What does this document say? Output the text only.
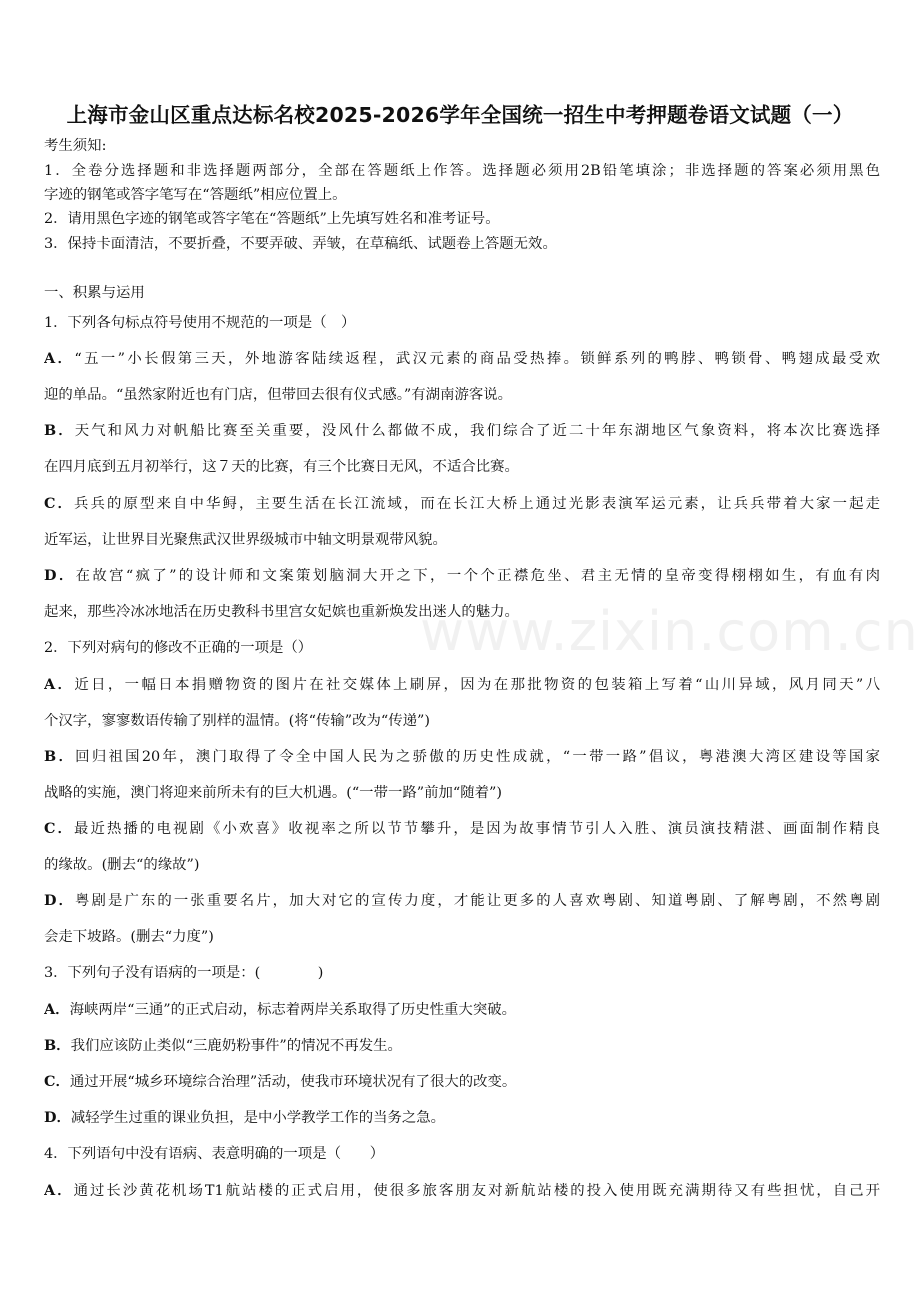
www.zixin.com.cn
上海市金山区重点达标名校2025-2026学年全国统一招生中考押题卷语文试题（一）
考生须知:
1．全卷分选择题和非选择题两部分，全部在答题纸上作答。选择题必须用2B铅笔填涂；非选择题的答案必须用黑色
字迹的钢笔或答字笔写在“答题纸”相应位置上。
2．请用黑色字迹的钢笔或答字笔在“答题纸”上先填写姓名和准考证号。
3．保持卡面清洁，不要折叠，不要弄破、弄皱，在草稿纸、试题卷上答题无效。
一、积累与运用
1．下列各句标点符号使用不规范的一项是（　）
A．“五一”小长假第三天，外地游客陆续返程，武汉元素的商品受热捧。锁鲜系列的鸭脖、鸭锁骨、鸭翅成最受欢
迎的单品。“虽然家附近也有门店，但带回去很有仪式感。”有湖南游客说。
B．天气和风力对帆船比赛至关重要，没风什么都做不成，我们综合了近二十年东湖地区气象资料，将本次比赛选择
在四月底到五月初举行，这７天的比赛，有三个比赛日无风，不适合比赛。
C．兵兵的原型来自中华鲟，主要生活在长江流域，而在长江大桥上通过光影表演军运元素，让兵兵带着大家一起走
近军运，让世界目光聚焦武汉世界级城市中轴文明景观带风貌。
D．在故宫“疯了”的设计师和文案策划脑洞大开之下，一个个正襟危坐、君主无情的皇帝变得栩栩如生，有血有肉
起来，那些冷冰冰地活在历史教科书里宫女妃嫔也重新焕发出迷人的魅力。
2．下列对病句的修改不正确的一项是（）
A．近日，一幅日本捐赠物资的图片在社交媒体上刷屏，因为在那批物资的包装箱上写着“山川异域，风月同天”八
个汉字，寥寥数语传输了别样的温情。(将“传输”改为“传递”)
B．回归祖国20年，澳门取得了令全中国人民为之骄傲的历史性成就，“一带一路”倡议，粤港澳大湾区建设等国家
战略的实施，澳门将迎来前所未有的巨大机遇。(“一带一路”前加“随着”)
C．最近热播的电视剧《小欢喜》收视率之所以节节攀升，是因为故事情节引人入胜、演员演技精湛、画面制作精良
的缘故。(删去“的缘故”)
D．粤剧是广东的一张重要名片，加大对它的宣传力度，才能让更多的人喜欢粤剧、知道粤剧、了解粤剧，不然粤剧
会走下坡路。(删去“力度”)
3．下列句子没有语病的一项是：(　　　　)
A．海峡两岸“三通”的正式启动，标志着两岸关系取得了历史性重大突破。
B．我们应该防止类似“三鹿奶粉事件”的情况不再发生。
C．通过开展“城乡环境综合治理”活动，使我市环境状况有了很大的改变。
D．减轻学生过重的课业负担，是中小学教学工作的当务之急。
4．下列语句中没有语病、表意明确的一项是（　　）
A．通过长沙黄花机场T1航站楼的正式启用，使很多旅客朋友对新航站楼的投入使用既充满期待又有些担忧，自己开
